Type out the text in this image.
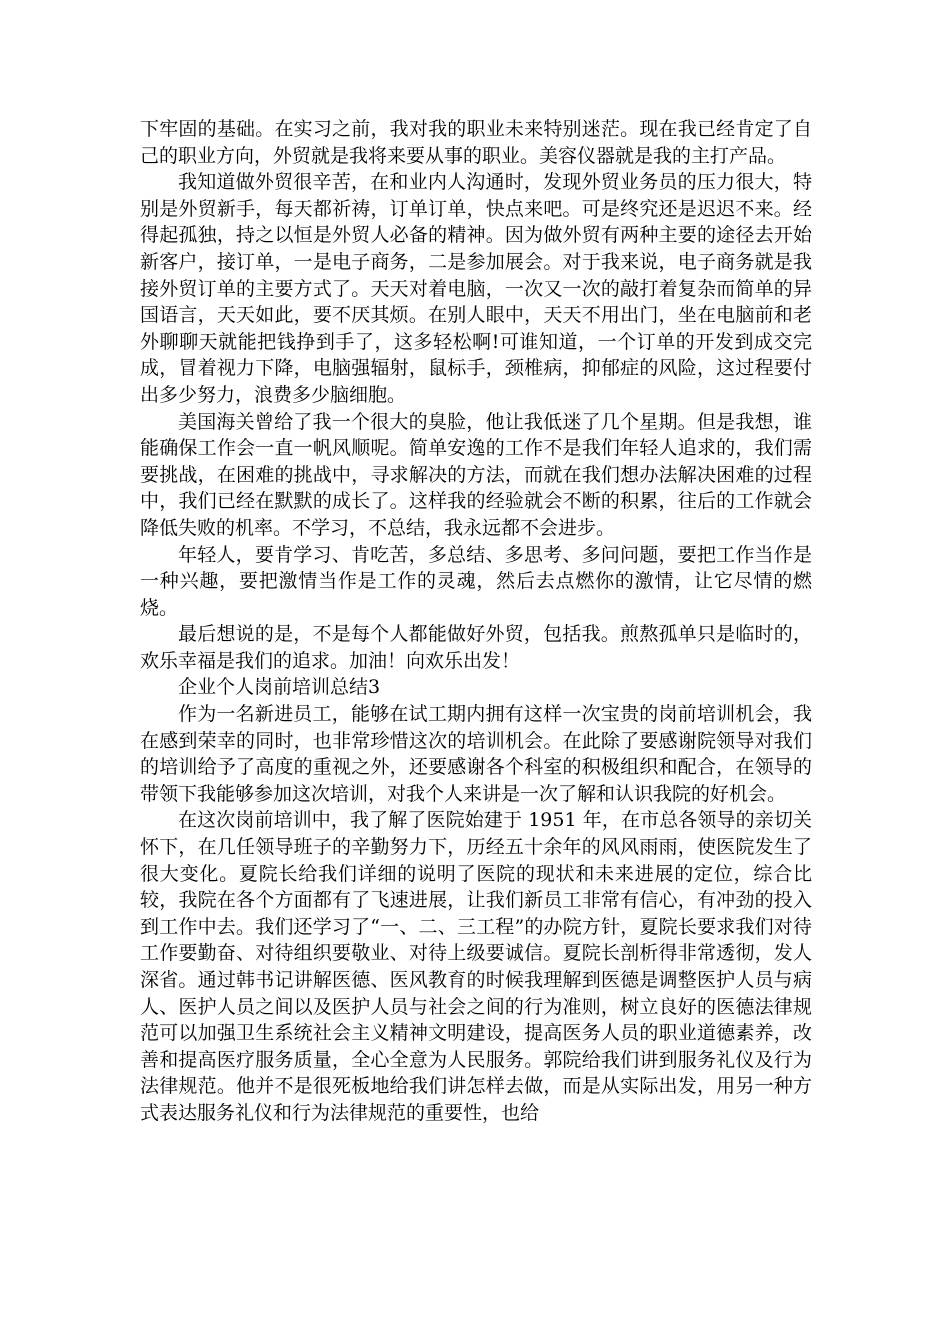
下牢固的基础。在实习之前，我对我的职业未来特别迷茫。现在我已经肯定了自己的职业方向，外贸就是我将来要从事的职业。美容仪器就是我的主打产品。

我知道做外贸很辛苦，在和业内人沟通时，发现外贸业务员的压力很大，特别是外贸新手，每天都祈祷，订单订单，快点来吧。可是终究还是迟迟不来。经得起孤独，持之以恒是外贸人必备的精神。因为做外贸有两种主要的途径去开始新客户，接订单，一是电子商务，二是参加展会。对于我来说，电子商务就是我接外贸订单的主要方式了。天天对着电脑，一次又一次的敲打着复杂而简单的异国语言，天天如此，要不厌其烦。在别人眼中，天天不用出门，坐在电脑前和老外聊聊天就能把钱挣到手了，这多轻松啊!可谁知道，一个订单的开发到成交完成，冒着视力下降，电脑强辐射，鼠标手，颈椎病，抑郁症的风险，这过程要付出多少努力，浪费多少脑细胞。

美国海关曾给了我一个很大的臭脸，他让我低迷了几个星期。但是我想，谁能确保工作会一直一帆风顺呢。简单安逸的工作不是我们年轻人追求的，我们需要挑战，在困难的挑战中，寻求解决的方法，而就在我们想办法解决困难的过程中，我们已经在默默的成长了。这样我的经验就会不断的积累，往后的工作就会降低失败的机率。不学习，不总结，我永远都不会进步。

年轻人，要肯学习、肯吃苦，多总结、多思考、多问问题，要把工作当作是一种兴趣，要把激情当作是工作的灵魂，然后去点燃你的激情，让它尽情的燃烧。

最后想说的是，不是每个人都能做好外贸，包括我。煎熬孤单只是临时的，欢乐幸福是我们的追求。加油！向欢乐出发！

企业个人岗前培训总结3

作为一名新进员工，能够在试工期内拥有这样一次宝贵的岗前培训机会，我在感到荣幸的同时，也非常珍惜这次的培训机会。在此除了要感谢院领导对我们的培训给予了高度的重视之外，还要感谢各个科室的积极组织和配合，在领导的带领下我能够参加这次培训，对我个人来讲是一次了解和认识我院的好机会。

在这次岗前培训中，我了解了医院始建于 1951 年，在市总各领导的亲切关怀下，在几任领导班子的辛勤努力下，历经五十余年的风风雨雨，使医院发生了很大变化。夏院长给我们详细的说明了医院的现状和未来进展的定位，综合比较，我院在各个方面都有了飞速进展，让我们新员工非常有信心，有冲劲的投入到工作中去。我们还学习了“一、二、三工程”的办院方针，夏院长要求我们对待工作要勤奋、对待组织要敬业、对待上级要诚信。夏院长剖析得非常透彻，发人深省。通过韩书记讲解医德、医风教育的时候我理解到医德是调整医护人员与病人、医护人员之间以及医护人员与社会之间的行为准则，树立良好的医德法律规范可以加强卫生系统社会主义精神文明建设，提高医务人员的职业道德素养，改善和提高医疗服务质量，全心全意为人民服务。郭院给我们讲到服务礼仪及行为法律规范。他并不是很死板地给我们讲怎样去做，而是从实际出发，用另一种方式表达服务礼仪和行为法律规范的重要性，也给
